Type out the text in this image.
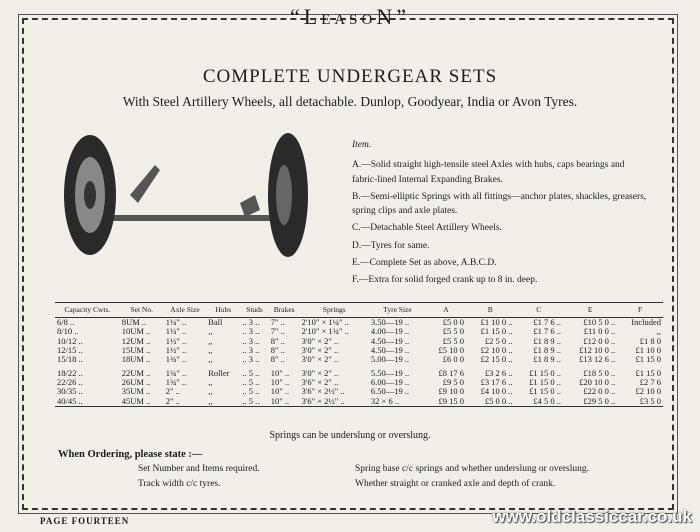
“LeasoN”
COMPLETE UNDERGEAR SETS
With Steel Artillery Wheels, all detachable. Dunlop, Goodyear, India or Avon Tyres.
Item.
A.—Solid straight high-tensile steel Axles with hubs, caps bearings and fabric-lined Internal Expanding Brakes.
B.—Semi-elliptic Springs with all fittings—anchor plates, shackles, greasers, spring clips and axle plates.
C.—Detachable Steel Artillery Wheels.
D.—Tyres for same.
E.—Complete Set as above, A.B.C.D.
F.—Extra for solid forged crank up to 8 in. deep.
Capacity Cwts.	Set No.	Axle Size	Hubs	Studs	Brakes	Springs	Tyre Size	A	B	C	E	F
6/8 ..	8UM ..	1¼" ..	Ball	.. 3 ..	7" ..	2'10" × 1¼" ..	3.50—19 ..	£5 0 0	£1 10 0 ..	£1 7 6 ..	£10 5 0 ..	Included
8/10 ..	10UM ..	1¼" ..	,,	.. 3 ..	7" ..	2'10" × 1¾" ..	4.00—19 ..	£5 5 0	£1 15 0 ..	£1 7 6 ..	£11 0 0 ..	,,
10/12 ..	12UM ..	1½" ..	,,	.. 3 ..	8" ..	3'0" × 2" ..	4.50—19 ..	£5 5 0	£2 5 0 ..	£1 8 9 ..	£12 0 0 ..	£1 8 0
12/15 ..	15UM ..	1½" ..	,,	.. 3 ..	8" ..	3'0" × 2" ..	4.50—19 ..	£5 10 0	£2 10 0 ..	£1 8 9 ..	£12 10 0 ..	£1 10 0
15/18 ..	18UM ..	1¾" ..	,,	.. 3 ..	8" ..	3'0" × 2" ..	5.00—19 ..	£6 0 0	£2 15 0 ..	£1 8 9 ..	£13 12 6 ..	£1 15 0
18/22 ..	22UM ..	1¾" ..	Roller	.. 5 ..	10" ..	3'0" × 2" ..	5.50—19 ..	£8 17 6	£3 2 6 ..	£1 15 0 ..	£18 5 0 ..	£1 15 0
22/26 ..	26UM ..	1¾" ..	,,	.. 5 ..	10" ..	3'6" × 2" ..	6.00—19 ..	£9 5 0	£3 17 6 ..	£1 15 0 ..	£20 10 0 ..	£2 7 6
30/35 ..	35UM ..	2" ..	,,	.. 5 ..	10" ..	3'6" × 2½" ..	6.50—19 ..	£9 10 0	£4 10 0 ..	£1 15 0 ..	£22 0 0 ..	£2 10 0
40/45 ..	45UM ..	2" ..	,,	.. 5 ..	10" ..	3'6" × 2½" ..	32 × 6 ..	£9 15 0	£5 0 0 ..	£4 5 0 ..	£29 5 0 ..	£3 5 0
Springs can be underslung or overslung.
When Ordering, please state :—
Set Number and Items required.
Track width c/c tyres.
Spring base c/c springs and whether underslung or overslung.
Whether straight or cranked axle and depth of crank.
PAGE FOURTEEN	www.oldclassiccar.co.uk
